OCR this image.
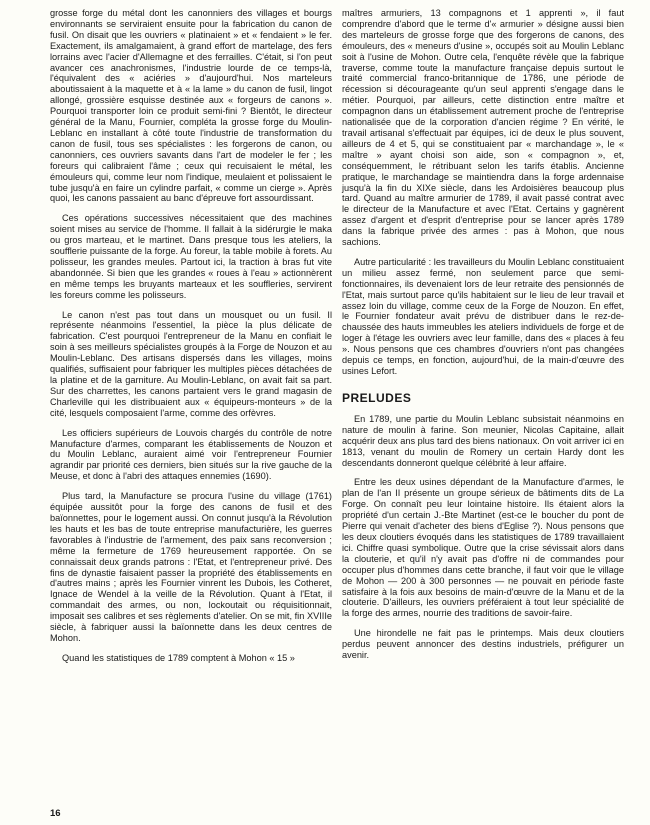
grosse forge du métal dont les canonniers des villages et bourgs environnants se serviraient ensuite pour la fabrication du canon de fusil. On disait que les ouvriers « platinaient » et « fendaient » le fer. Exactement, ils amalgamaient, à grand effort de martelage, des fers lorrains avec l'acier d'Allemagne et des ferrailles. C'était, si l'on peut avancer ces anachronismes, l'industrie lourde de ce temps-là, l'équivalent des « aciéries » d'aujourd'hui. Nos marteleurs aboutissaient à la maquette et à « la lame » du canon de fusil, lingot allongé, grossière esquisse destinée aux « forgeurs de canons ». Pourquoi transporter loin ce produit semi-fini ? Bientôt, le directeur général de la Manu, Fournier, compléta la grosse forge du Moulin-Leblanc en installant à côté toute l'industrie de transformation du canon de fusil, tous ses spécialistes : les forgerons de canon, ou canonniers, ces ouvriers savants dans l'art de modeler le fer ; les foreurs qui calibraient l'âme ; ceux qui recuisaient le métal, les émouleurs qui, comme leur nom l'indique, meulaient et polissaient le tube jusqu'à en faire un cylindre parfait, « comme un cierge ». Après quoi, les canons passaient au banc d'épreuve fort assourdissant.

Ces opérations successives nécessitaient que des machines soient mises au service de l'homme. Il fallait à la sidérurgie le maka ou gros marteau, et le martinet. Dans presque tous les ateliers, la soufflerie puissante de la forge. Au foreur, la table mobile à forets. Au polisseur, les grandes meules. Partout ici, la traction à bras fut vite abandonnée. Si bien que les grandes « roues à l'eau » actionnèrent en même temps les bruyants marteaux et les souffleries, servirent les foreurs comme les polisseurs.

Le canon n'est pas tout dans un mousquet ou un fusil. Il représente néanmoins l'essentiel, la pièce la plus délicate de fabrication. C'est pourquoi l'entrepreneur de la Manu en confiait le soin à ses meilleurs spécialistes groupés à la Forge de Nouzon et au Moulin-Leblanc. Des artisans dispersés dans les villages, moins qualifiés, suffisaient pour fabriquer les multiples pièces détachées de la platine et de la garniture. Au Moulin-Leblanc, on avait fait sa part. Sur des charrettes, les canons partaient vers le grand magasin de Charleville qui les distribuaient aux « équipeurs-monteurs » de la cité, lesquels composaient l'arme, comme des orfèvres.

Les officiers supérieurs de Louvois chargés du contrôle de notre Manufacture d'armes, comparant les établissements de Nouzon et du Moulin Leblanc, auraient aimé voir l'entrepreneur Fournier agrandir par priorité ces derniers, bien situés sur la rive gauche de la Meuse, et donc à l'abri des attaques ennemies (1690).

Plus tard, la Manufacture se procura l'usine du village (1761) équipée aussitôt pour la forge des canons de fusil et des baïonnettes, pour le logement aussi. On connut jusqu'à la Révolution les hauts et les bas de toute entreprise manufacturière, les guerres favorables à l'industrie de l'armement, des paix sans reconversion ; même la fermeture de 1769 heureusement rapportée. On se connaissait deux grands patrons : l'Etat, et l'entrepreneur privé. Des fins de dynastie faisaient passer la propriété des établissements en d'autres mains ; après les Fournier vinrent les Dubois, les Cotheret, Ignace de Wendel à la veille de la Révolution. Quant à l'Etat, il commandait des armes, ou non, lockoutait ou réquisitionnait, imposait ses calibres et ses règlements d'atelier. On se mit, fin XVIIIe siècle, à fabriquer aussi la baïonnette dans les deux centres de Mohon.

Quand les statistiques de 1789 comptent à Mohon « 15 »

maîtres armuriers, 13 compagnons et 1 apprenti », il faut comprendre d'abord que le terme d'« armurier » désigne aussi bien des marteleurs de grosse forge que des forgerons de canons, des émouleurs, des « meneurs d'usine », occupés soit au Moulin Leblanc soit à l'usine de Mohon. Outre cela, l'enquête révèle que la fabrique traverse, comme toute la manufacture française depuis surtout le traité commercial franco-britannique de 1786, une période de récession si décourageante qu'un seul apprenti s'engage dans le métier. Pourquoi, par ailleurs, cette distinction entre maître et compagnon dans un établissement autrement proche de l'entreprise nationalisée que de la corporation d'ancien régime ? En vérité, le travail artisanal s'effectuait par équipes, ici de deux le plus souvent, ailleurs de 4 et 5, qui se constituaient par « marchandage », le « maître » ayant choisi son aide, son « compagnon », et, conséquemment, le rétribuant selon les tarifs établis. Ancienne pratique, le marchandage se maintiendra dans la forge ardennaise jusqu'à la fin du XIXe siècle, dans les Ardoisières beaucoup plus tard. Quand au maître armurier de 1789, il avait passé contrat avec le directeur de la Manufacture et avec l'Etat. Certains y gagnèrent assez d'argent et d'esprit d'entreprise pour se lancer après 1789 dans la fabrique privée des armes : pas à Mohon, que nous sachions.

Autre particularité : les travailleurs du Moulin Leblanc constituaient un milieu assez fermé, non seulement parce que semi-fonctionnaires, ils devenaient lors de leur retraite des pensionnés de l'Etat, mais surtout parce qu'ils habitaient sur le lieu de leur travail et assez loin du village, comme ceux de la Forge de Nouzon. En effet, le Fournier fondateur avait prévu de distribuer dans le rez-de-chaussée des hauts immeubles les ateliers individuels de forge et de loger à l'étage les ouvriers avec leur famille, dans des « places à feu ». Nous pensons que ces chambres d'ouvriers n'ont pas changées depuis ce temps, en fonction, aujourd'hui, de la main-d'œuvre des usines Lefort.

PRELUDES

En 1789, une partie du Moulin Leblanc subsistait néanmoins en nature de moulin à farine. Son meunier, Nicolas Capitaine, allait acquérir deux ans plus tard des biens nationaux. On voit arriver ici en 1813, venant du moulin de Romery un certain Hardy dont les descendants donneront quelque célébrité à leur affaire.

Entre les deux usines dépendant de la Manufacture d'armes, le plan de l'an II présente un groupe sérieux de bâtiments dits de La Forge. On connaît peu leur lointaine histoire. Ils étaient alors la propriété d'un certain J.-Bte Martinet (est-ce le boucher du pont de Pierre qui venait d'acheter des biens d'Eglise ?). Nous pensons que les deux cloutiers évoqués dans les statistiques de 1789 travaillaient ici. Chiffre quasi symbolique. Outre que la crise sévissait alors dans la clouterie, et qu'il n'y avait pas d'offre ni de commandes pour occuper plus d'hommes dans cette branche, il faut voir que le village de Mohon — 200 à 300 personnes — ne pouvait en période faste satisfaire à la fois aux besoins de main-d'œuvre de la Manu et de la clouterie. D'ailleurs, les ouvriers préféraient à tout leur spécialité de la forge des armes, nourrie des traditions de savoir-faire.

Une hirondelle ne fait pas le printemps. Mais deux cloutiers perdus peuvent annoncer des destins industriels, préfigurer un avenir.

16
